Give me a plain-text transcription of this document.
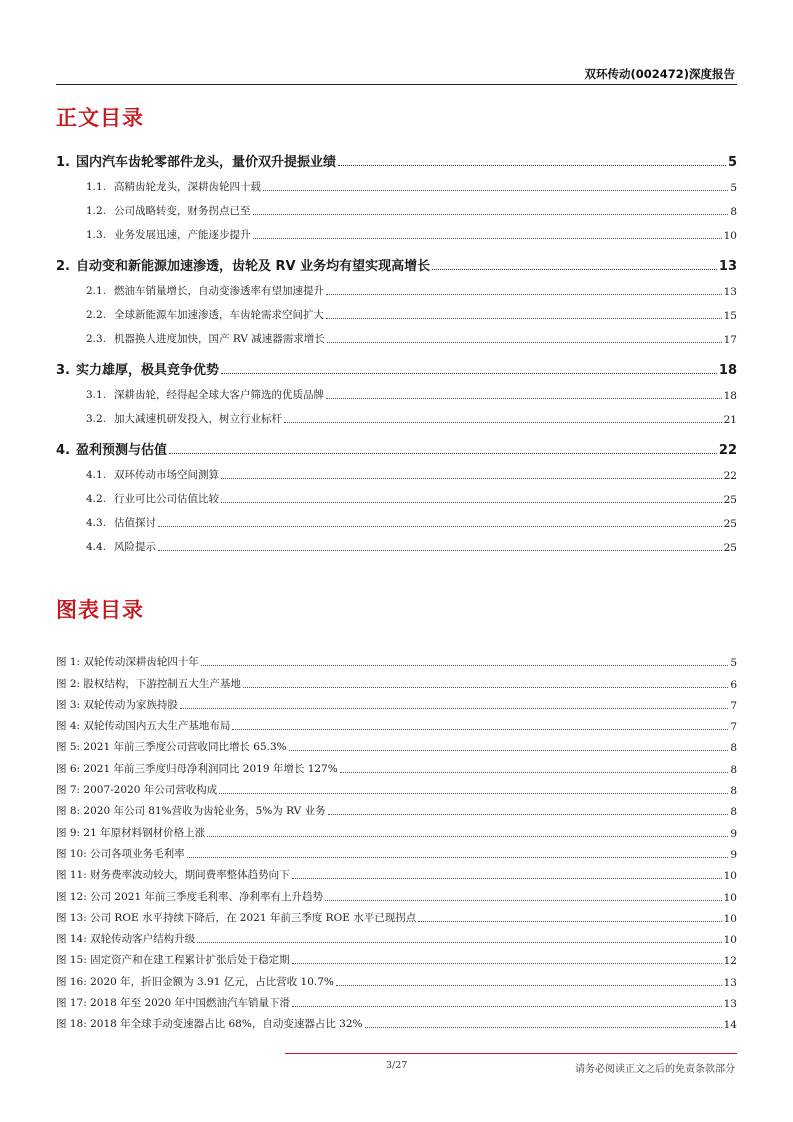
双环传动(002472)深度报告
正文目录
1. 国内汽车齿轮零部件龙头，量价双升提振业绩	5
1.1. 高精齿轮龙头，深耕齿轮四十载	5
1.2. 公司战略转变，财务拐点已至	8
1.3. 业务发展迅速，产能逐步提升	10
2. 自动变和新能源加速渗透，齿轮及 RV 业务均有望实现高增长	13
2.1. 燃油车销量增长，自动变渗透率有望加速提升	13
2.2. 全球新能源车加速渗透，车齿轮需求空间扩大	15
2.3. 机器换人进度加快，国产 RV 减速器需求增长	17
3. 实力雄厚，极具竞争优势	18
3.1. 深耕齿轮，经得起全球大客户筛选的优质品牌	18
3.2. 加大减速机研发投入，树立行业标杆	21
4. 盈利预测与估值	22
4.1. 双环传动市场空间测算	22
4.2. 行业可比公司估值比较	25
4.3. 估值探讨	25
4.4. 风险提示	25
图表目录
图 1: 双轮传动深耕齿轮四十年	5
图 2: 股权结构，下游控制五大生产基地	6
图 3: 双轮传动为家族持股	7
图 4: 双轮传动国内五大生产基地布局	7
图 5: 2021 年前三季度公司营收同比增长 65.3%	8
图 6: 2021 年前三季度归母净利润同比 2019 年增长 127%	8
图 7: 2007-2020 年公司营收构成	8
图 8: 2020 年公司 81%营收为齿轮业务，5%为 RV 业务	8
图 9: 21 年原材料钢材价格上涨	9
图 10: 公司各项业务毛利率	9
图 11: 财务费率波动较大，期间费率整体趋势向下	10
图 12: 公司 2021 年前三季度毛利率、净利率有上升趋势	10
图 13: 公司 ROE 水平持续下降后，在 2021 年前三季度 ROE 水平已现拐点	10
图 14: 双轮传动客户结构升级	10
图 15: 固定资产和在建工程累计扩张后处于稳定期	12
图 16: 2020 年，折旧金额为 3.91 亿元，占比营收 10.7%	13
图 17: 2018 年至 2020 年中国燃油汽车销量下滑	13
图 18: 2018 年全球手动变速器占比 68%，自动变速器占比 32%	14
3/27	请务必阅读正文之后的免责条款部分
